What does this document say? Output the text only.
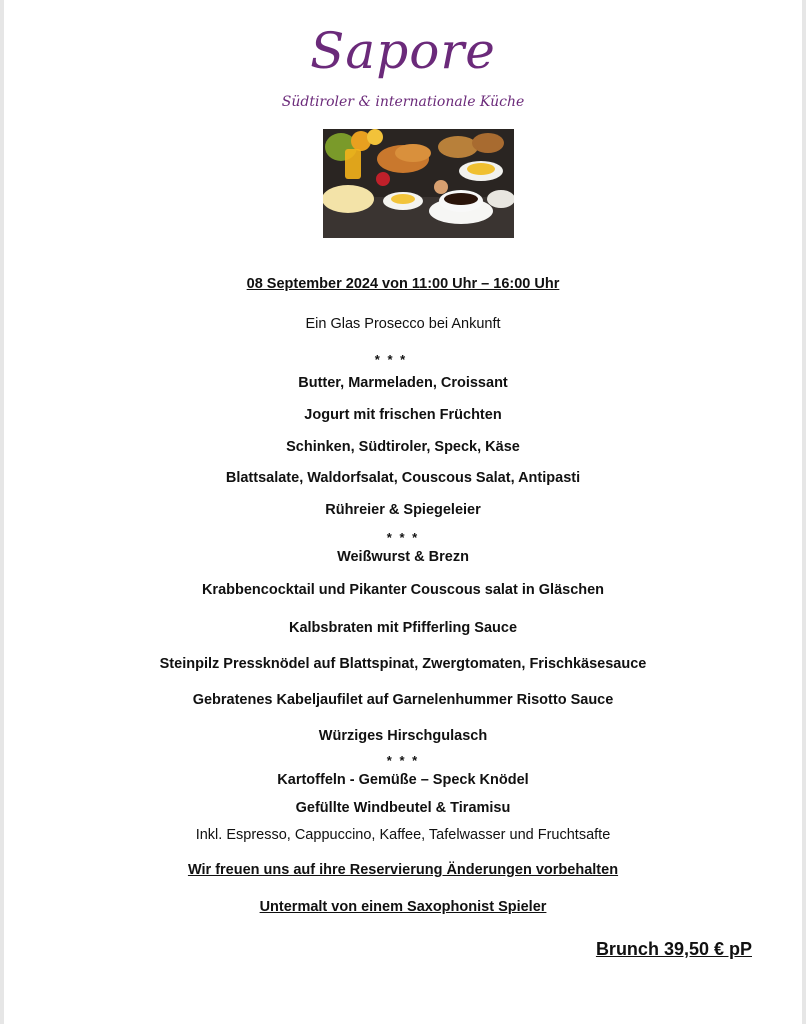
Sapore
Südtiroler & internationale Küche
08 September 2024 von 11:00 Uhr – 16:00 Uhr
Ein Glas Prosecco bei Ankunft
* * *
Butter, Marmeladen, Croissant
Jogurt mit frischen Früchten
Schinken, Südtiroler, Speck, Käse
Blattsalate, Waldorfsalat, Couscous Salat, Antipasti
Rühreier & Spiegeleier
* * *
Weißwurst & Brezn
Krabbencocktail und Pikanter Couscous salat in Gläschen
Kalbsbraten mit Pfifferling Sauce
Steinpilz Pressknödel auf Blattspinat, Zwergtomaten, Frischkäsesauce
Gebratenes Kabeljaufilet auf Garnelenhummer Risotto Sauce
Würziges Hirschgulasch
* * *
Kartoffeln - Gemüße – Speck Knödel
Gefüllte Windbeutel & Tiramisu
Inkl. Espresso, Cappuccino, Kaffee, Tafelwasser und Fruchtsafte
Wir freuen uns auf ihre Reservierung Änderungen vorbehalten
Untermalt von einem Saxophonist Spieler
Brunch 39,50 € pP
